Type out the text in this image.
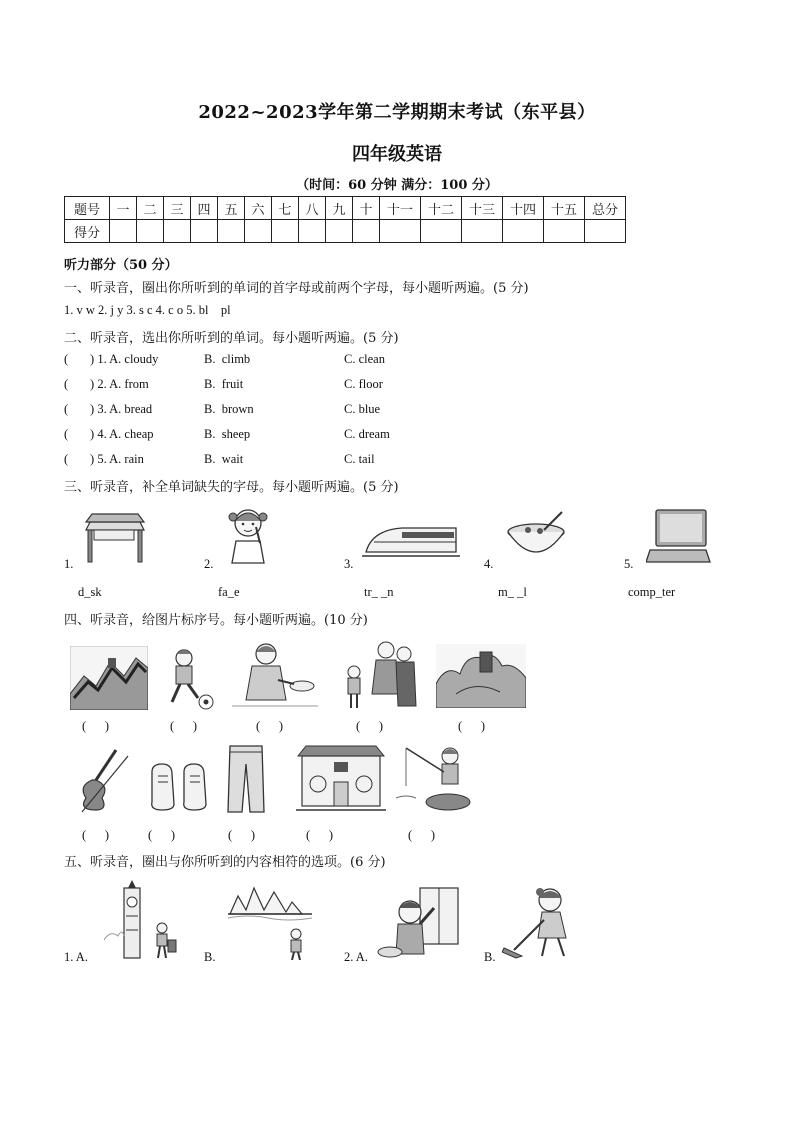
2022~2023学年第二学期期末考试（东平县）
四年级英语
（时间：60 分钟 满分：100 分）
题号	一	二	三	四	五	六	七	八	九	十	十一	十二	十三	十四	十五	总分
得分																
听力部分（50 分）
一、听录音，圈出你所听到的单词的首字母或前两个字母，每小题听两遍。(5 分)
1. v w 2. j y 3. s c 4. c o 5. bl    pl
二、听录音，选出你所听到的单词。每小题听两遍。(5 分)
(       ) 1. A. cloudy	B.  climb	C. clean
(       ) 2. A. from	B.  fruit	C. floor
(       ) 3. A. bread	B.  brown	C. blue
(       ) 4. A. cheap	B.  sheep	C. dream
(       ) 5. A. rain	B.  wait	C. tail
三、听录音，补全单词缺失的字母。每小题听两遍。(5 分)
1.	2.	3.	4.	5.
d_sk	fa_e	tr_ _n	m_ _l	comp_ter
四、听录音，给图片标序号。每小题听两遍。(10 分)
(      )	(      )	(      )	(      )	(      )
(      )	(      )	(      )	(      )	(      )
五、听录音，圈出与你所听到的内容相符的选项。(6 分)
1. A.	B.	2. A.	B.
